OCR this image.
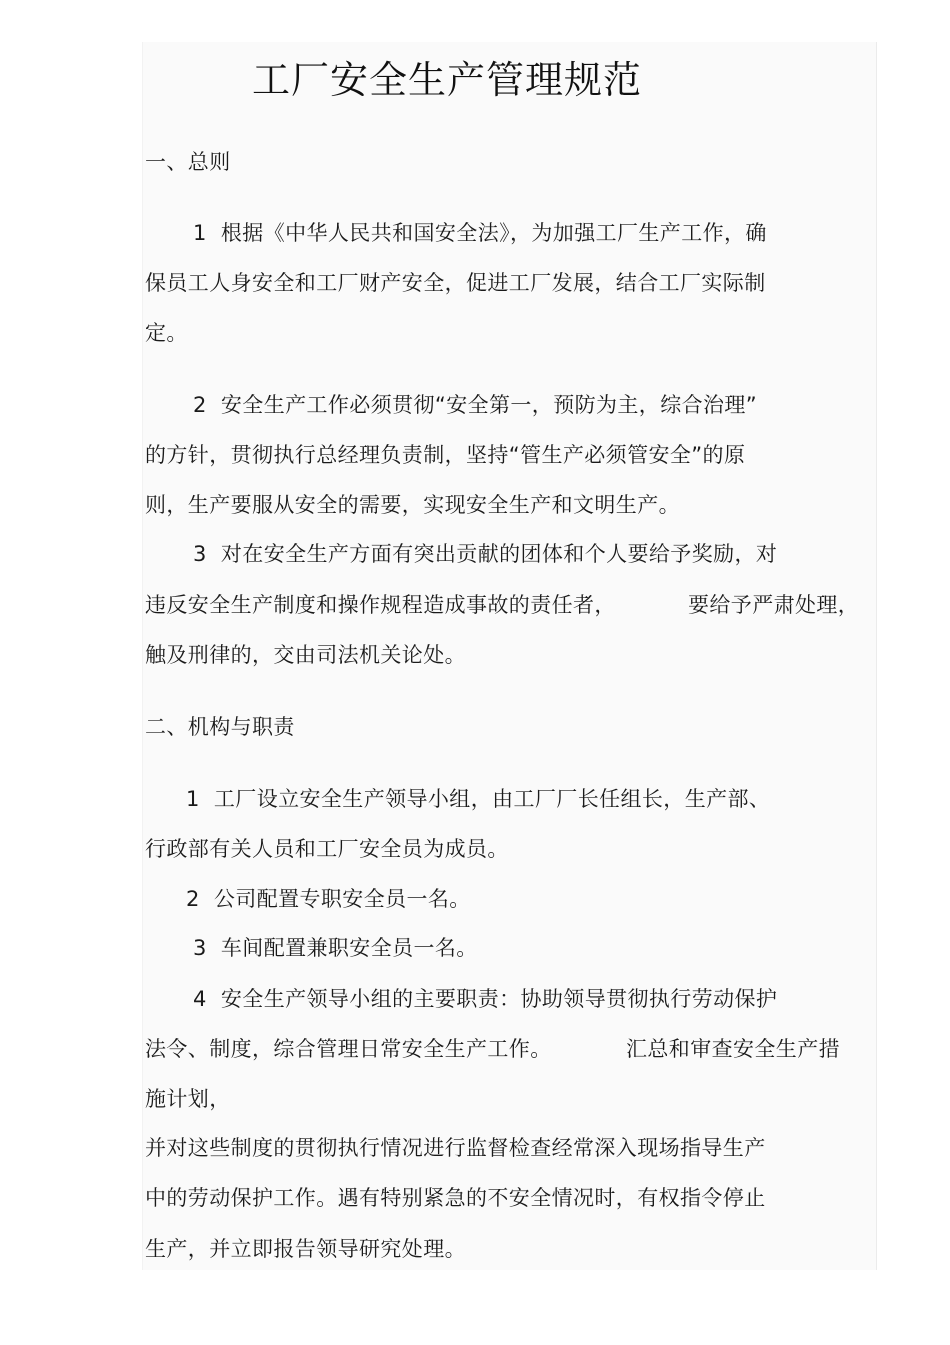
工厂安全生产管理规范
一、总则
1  根据《中华人民共和国安全法》，为加强工厂生产工作，确
保员工人身安全和工厂财产安全，促进工厂发展，结合工厂实际制
定。
2  安全生产工作必须贯彻“安全第一，预防为主，综合治理”
的方针，贯彻执行总经理负责制，坚持“管生产必须管安全”的原
则，生产要服从安全的需要，实现安全生产和文明生产。
3  对在安全生产方面有突出贡献的团体和个人要给予奖励，对
违反安全生产制度和操作规程造成事故的责任者，	要给予严肃处理，
触及刑律的，交由司法机关论处。
二、机构与职责
1  工厂设立安全生产领导小组，由工厂厂长任组长，生产部、
行政部有关人员和工厂安全员为成员。
2  公司配置专职安全员一名。
3  车间配置兼职安全员一名。
4  安全生产领导小组的主要职责：协助领导贯彻执行劳动保护
法令、制度，综合管理日常安全生产工作。	汇总和审查安全生产措
施计划，
并对这些制度的贯彻执行情况进行监督检查经常深入现场指导生产
中的劳动保护工作。遇有特别紧急的不安全情况时，有权指令停止
生产，并立即报告领导研究处理。
